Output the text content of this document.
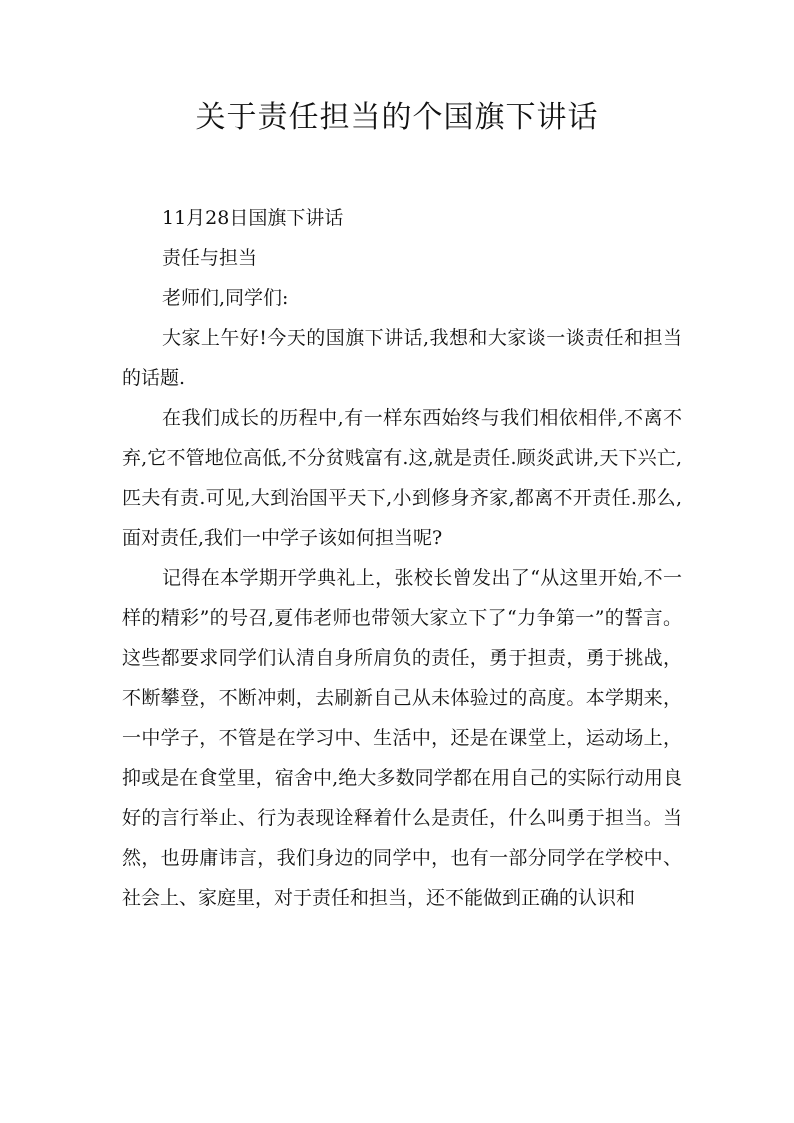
关于责任担当的个国旗下讲话

11月28日国旗下讲话

责任与担当

老师们,同学们:

大家上午好!今天的国旗下讲话,我想和大家谈一谈责任和担当的话题.

在我们成长的历程中,有一样东西始终与我们相依相伴,不离不弃,它不管地位高低,不分贫贱富有.这,就是责任.顾炎武讲,天下兴亡,匹夫有责.可见,大到治国平天下,小到修身齐家,都离不开责任.那么,面对责任,我们一中学子该如何担当呢?

记得在本学期开学典礼上，张校长曾发出了“从这里开始,不一样的精彩”的号召,夏伟老师也带领大家立下了“力争第一”的誓言。这些都要求同学们认清自身所肩负的责任，勇于担责，勇于挑战，不断攀登，不断冲刺，去刷新自己从未体验过的高度。本学期来，一中学子，不管是在学习中、生活中，还是在课堂上，运动场上，抑或是在食堂里，宿舍中,绝大多数同学都在用自己的实际行动用良好的言行举止、行为表现诠释着什么是责任，什么叫勇于担当。当然，也毋庸讳言，我们身边的同学中，也有一部分同学在学校中、社会上、家庭里，对于责任和担当，还不能做到正确的认识和
